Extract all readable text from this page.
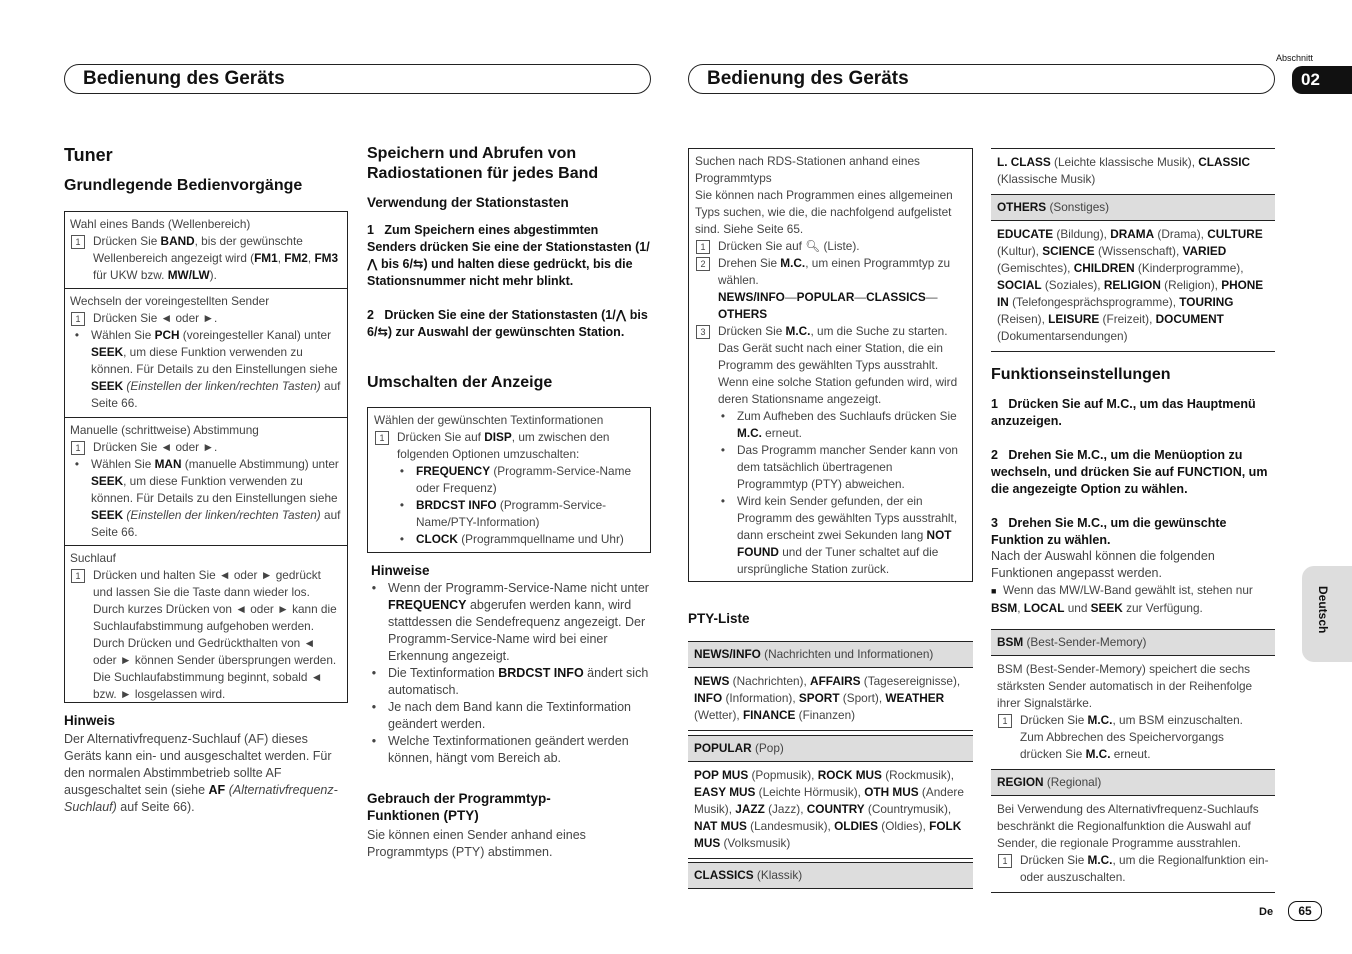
Bedienung des Geräts	Bedienung des Geräts
Abschnitt
02
Tuner
Grundlegende Bedienvorgänge
Wahl eines Bands (Wellenbereich)
1	Drücken Sie BAND, bis der gewünschte Wellenbereich angezeigt wird (FM1, FM2, FM3 für UKW bzw. MW/LW).
Wechseln der voreingestellten Sender
1	Drücken Sie ◄ oder ►.
•	Wählen Sie PCH (voreingesteller Kanal) unter SEEK, um diese Funktion verwenden zu können. Für Details zu den Einstellungen siehe SEEK (Einstellen der linken/rechten Tasten) auf Seite 66.
Manuelle (schrittweise) Abstimmung
1	Drücken Sie ◄ oder ►.
•	Wählen Sie MAN (manuelle Abstimmung) unter SEEK, um diese Funktion verwenden zu können. Für Details zu den Einstellungen siehe SEEK (Einstellen der linken/rechten Tasten) auf Seite 66.
Suchlauf
1	Drücken und halten Sie ◄ oder ► gedrückt und lassen Sie die Taste dann wieder los. Durch kurzes Drücken von ◄ oder ► kann die Suchlaufabstimmung aufgehoben werden. Durch Drücken und Gedrückthalten von ◄ oder ► können Sender übersprungen werden. Die Suchlaufabstimmung beginnt, sobald ◄ bzw. ► losgelassen wird.
Hinweis
Der Alternativfrequenz-Suchlauf (AF) dieses Geräts kann ein- und ausgeschaltet werden. Für den normalen Abstimmbetrieb sollte AF ausgeschaltet sein (siehe AF (Alternativfrequenz-Suchlauf) auf Seite 66).
Speichern und Abrufen von
Radiostationen für jedes Band
Verwendung der Stationstasten
1   Zum Speichern eines abgestimmten Senders drücken Sie eine der Stationstasten (1/⋀ bis 6/⇆) und halten diese gedrückt, bis die Stationsnummer nicht mehr blinkt.
2   Drücken Sie eine der Stationstasten (1/⋀ bis 6/⇆) zur Auswahl der gewünschten Station.
Umschalten der Anzeige
Wählen der gewünschten Textinformationen
1	Drücken Sie auf DISP, um zwischen den folgenden Optionen umzuschalten:
•	FREQUENCY (Programm-Service-Name oder Frequenz)
•	BRDCST INFO (Programm-Service-Name/PTY-Information)
•	CLOCK (Programmquellname und Uhr)
Hinweise
• Wenn der Programm-Service-Name nicht unter FREQUENCY abgerufen werden kann, wird stattdessen die Sendefrequenz angezeigt. Der Programm-Service-Name wird bei einer Erkennung angezeigt.
• Die Textinformation BRDCST INFO ändert sich automatisch.
• Je nach dem Band kann die Textinformation geändert werden.
• Welche Textinformationen geändert werden können, hängt vom Bereich ab.
Gebrauch der Programmtyp-
Funktionen (PTY)
Sie können einen Sender anhand eines Programmtyps (PTY) abstimmen.
Suchen nach RDS-Stationen anhand eines Programmtyps
Sie können nach Programmen eines allgemeinen Typs suchen, wie die, die nachfolgend aufgelistet sind. Siehe Seite 65.
1	Drücken Sie auf 🔍︎ (Liste).
2	Drehen Sie M.C., um einen Programmtyp zu wählen.
NEWS/INFO—POPULAR—CLASSICS—OTHERS
3	Drücken Sie M.C., um die Suche zu starten.
Das Gerät sucht nach einer Station, die ein Programm des gewählten Typs ausstrahlt. Wenn eine solche Station gefunden wird, wird deren Stationsname angezeigt.
•	Zum Aufheben des Suchlaufs drücken Sie M.C. erneut.
•	Das Programm mancher Sender kann von dem tatsächlich übertragenen Programmtyp (PTY) abweichen.
•	Wird kein Sender gefunden, der ein Programm des gewählten Typs ausstrahlt, dann erscheint zwei Sekunden lang NOT FOUND und der Tuner schaltet auf die ursprüngliche Station zurück.
PTY-Liste
NEWS/INFO (Nachrichten und Informationen)
NEWS (Nachrichten), AFFAIRS (Tagesereignisse), INFO (Information), SPORT (Sport), WEATHER (Wetter), FINANCE (Finanzen)
POPULAR (Pop)
POP MUS (Popmusik), ROCK MUS (Rockmusik), EASY MUS (Leichte Hörmusik), OTH MUS (Andere Musik), JAZZ (Jazz), COUNTRY (Countrymusik), NAT MUS (Landesmusik), OLDIES (Oldies), FOLK MUS (Volksmusik)
CLASSICS (Klassik)
L. CLASS (Leichte klassische Musik), CLASSIC (Klassische Musik)
OTHERS (Sonstiges)
EDUCATE (Bildung), DRAMA (Drama), CULTURE (Kultur), SCIENCE (Wissenschaft), VARIED (Gemischtes), CHILDREN (Kinderprogramme), SOCIAL (Soziales), RELIGION (Religion), PHONE IN (Telefongesprächsprogramme), TOURING (Reisen), LEISURE (Freizeit), DOCUMENT (Dokumentarsendungen)
Funktionseinstellungen
1   Drücken Sie auf M.C., um das Hauptmenü anzuzeigen.
2   Drehen Sie M.C., um die Menüoption zu wechseln, und drücken Sie auf FUNCTION, um die angezeigte Option zu wählen.
3   Drehen Sie M.C., um die gewünschte Funktion zu wählen.
Nach der Auswahl können die folgenden Funktionen angepasst werden.
■  Wenn das MW/LW-Band gewählt ist, stehen nur BSM, LOCAL und SEEK zur Verfügung.
BSM (Best-Sender-Memory)
BSM (Best-Sender-Memory) speichert die sechs stärksten Sender automatisch in der Reihenfolge ihrer Signalstärke.
1	Drücken Sie M.C., um BSM einzuschalten.
Zum Abbrechen des Speichervorgangs drücken Sie M.C. erneut.
REGION (Regional)
Bei Verwendung des Alternativfrequenz-Suchlaufs beschränkt die Regionalfunktion die Auswahl auf Sender, die regionale Programme ausstrahlen.
1	Drücken Sie M.C., um die Regionalfunktion ein- oder auszuschalten.
Deutsch
De	65
